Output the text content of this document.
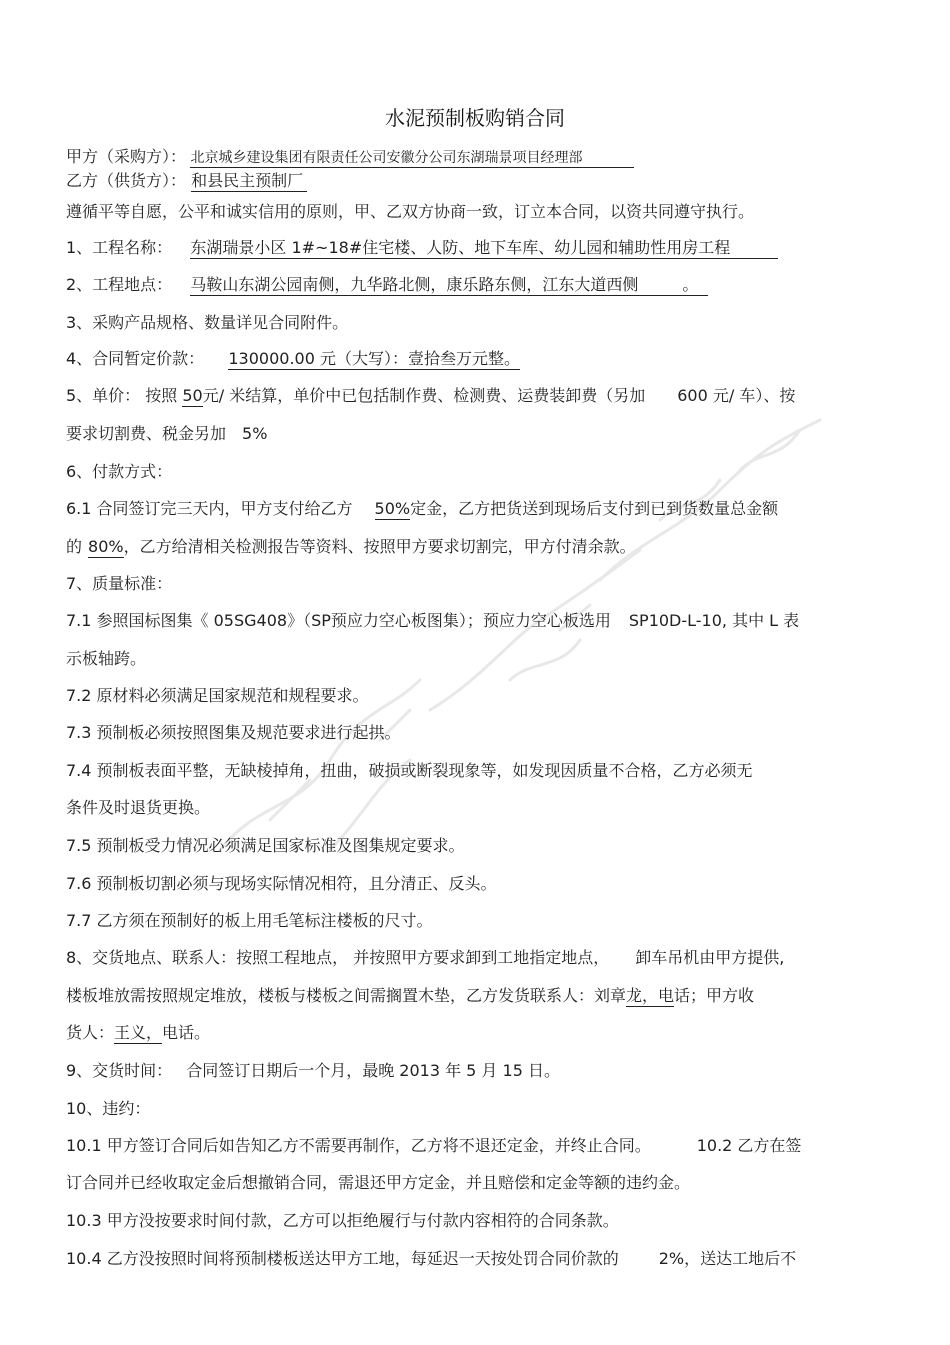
水泥预制板购销合同
甲方（采购方）： 北京城乡建设集团有限责任公司安徽分公司东湖瑞景项目经理部
乙方（供货方）： 和县民主预制厂
遵循平等自愿，公平和诚实信用的原则，甲、乙双方协商一致，订立本合同，以资共同遵守执行。
1、工程名称： 东湖瑞景小区 1#~18#住宅楼、人防、地下车库、幼儿园和辅助性用房工程
2、工程地点： 马鞍山东湖公园南侧，九华路北侧，康乐路东侧，江东大道西侧	。
3、采购产品规格、数量详见合同附件。
4、合同暂定价款： 130000.00 元（大写）：壹拾叁万元整。
5、单价： 按照 50元/ 米结算，单价中已包括制作费、检测费、运费装卸费（另加 600 元/ 车）、按
要求切割费、税金另加 5%
6、付款方式：
6.1 合同签订完三天内，甲方支付给乙方 50%定金，乙方把货送到现场后支付到已到货数量总金额
的 80%，乙方给清相关检测报告等资料、按照甲方要求切割完，甲方付清余款。
7、质量标准：
7.1 参照国标图集《 05SG408》（SP预应力空心板图集）；预应力空心板选用 SP10D-L-10, 其中 L 表
示板轴跨。
7.2 原材料必须满足国家规范和规程要求。
7.3 预制板必须按照图集及规范要求进行起拱。
7.4 预制板表面平整，无缺棱掉角，扭曲，破损或断裂现象等，如发现因质量不合格，乙方必须无
条件及时退货更换。
7.5 预制板受力情况必须满足国家标准及图集规定要求。
7.6 预制板切割必须与现场实际情况相符，且分清正、反头。
7.7 乙方须在预制好的板上用毛笔标注楼板的尺寸。
8、交货地点、联系人：按照工程地点， 并按照甲方要求卸到工地指定地点， 卸车吊机由甲方提供,
楼板堆放需按照规定堆放，楼板与楼板之间需搁置木垫，乙方发货联系人：刘章龙，电话；甲方收
货人：王义，电话。
9、交货时间： 合同签订日期后一个月，最晚 2013 年 5 月 15 日。
10、违约：
10.1 甲方签订合同后如告知乙方不需要再制作，乙方将不退还定金，并终止合同。	10.2 乙方在签
订合同并已经收取定金后想撤销合同，需退还甲方定金，并且赔偿和定金等额的违约金。
10.3 甲方没按要求时间付款，乙方可以拒绝履行与付款内容相符的合同条款。
10.4 乙方没按照时间将预制楼板送达甲方工地，每延迟一天按处罚合同价款的	2%，送达工地后不
